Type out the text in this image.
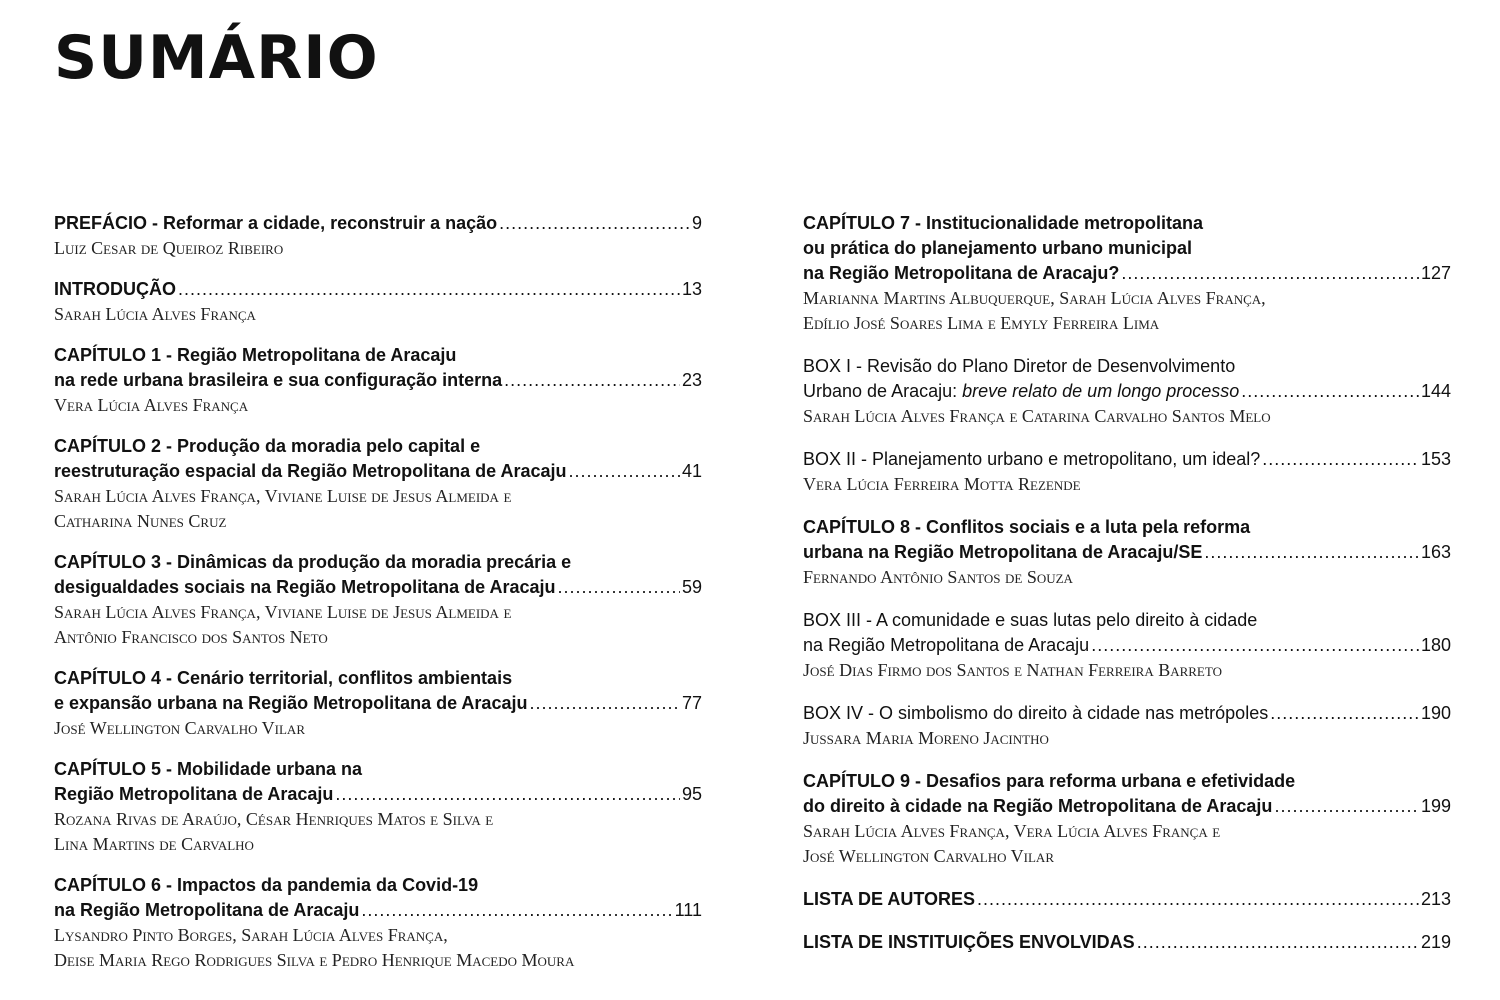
SUMÁRIO
PREFÁCIO - Reformar a cidade, reconstruir a nação .....	9
Luiz Cesar de Queiroz Ribeiro
INTRODUÇÃO .....	13
Sarah Lúcia Alves França
CAPÍTULO 1 - Região Metropolitana de Aracaju
na rede urbana brasileira e sua configuração interna .....	23
Vera Lúcia Alves França
CAPÍTULO 2 - Produção da moradia pelo capital e
reestruturação espacial da Região Metropolitana de Aracaju .....	41
Sarah Lúcia Alves França, Viviane Luise de Jesus Almeida e
Catharina Nunes Cruz
CAPÍTULO 3 - Dinâmicas da produção da moradia precária e
desigualdades sociais na Região Metropolitana de Aracaju .....	59
Sarah Lúcia Alves França, Viviane Luise de Jesus Almeida e
Antônio Francisco dos Santos Neto
CAPÍTULO 4 - Cenário territorial, conflitos ambientais
e expansão urbana na Região Metropolitana de Aracaju .....	77
José Wellington Carvalho Vilar
CAPÍTULO 5 - Mobilidade urbana na
Região Metropolitana de Aracaju .....	95
Rozana Rivas de Araújo, César Henriques Matos e Silva e
Lina Martins de Carvalho
CAPÍTULO 6 - Impactos da pandemia da Covid-19
na Região Metropolitana de Aracaju .....	111
Lysandro Pinto Borges, Sarah Lúcia Alves França,
Deise Maria Rego Rodrigues Silva e Pedro Henrique Macedo Moura
CAPÍTULO 7 - Institucionalidade metropolitana
ou prática do planejamento urbano municipal
na Região Metropolitana de Aracaju? .....	127
Marianna Martins Albuquerque, Sarah Lúcia Alves França,
Edílio José Soares Lima e Emyly Ferreira Lima
BOX I - Revisão do Plano Diretor de Desenvolvimento
Urbano de Aracaju: breve relato de um longo processo .....	144
Sarah Lúcia Alves França e Catarina Carvalho Santos Melo
BOX II - Planejamento urbano e metropolitano, um ideal? .....	153
Vera Lúcia Ferreira Motta Rezende
CAPÍTULO 8 - Conflitos sociais e a luta pela reforma
urbana na Região Metropolitana de Aracaju/SE .....	163
Fernando Antônio Santos de Souza
BOX III - A comunidade e suas lutas pelo direito à cidade
na Região Metropolitana de Aracaju .....	180
José Dias Firmo dos Santos e Nathan Ferreira Barreto
BOX IV - O simbolismo do direito à cidade nas metrópoles .....	190
Jussara Maria Moreno Jacintho
CAPÍTULO 9 - Desafios para reforma urbana e efetividade
do direito à cidade na Região Metropolitana de Aracaju .....	199
Sarah Lúcia Alves França, Vera Lúcia Alves França e
José Wellington Carvalho Vilar
LISTA DE AUTORES .....	213
LISTA DE INSTITUIÇÕES ENVOLVIDAS .....	219
